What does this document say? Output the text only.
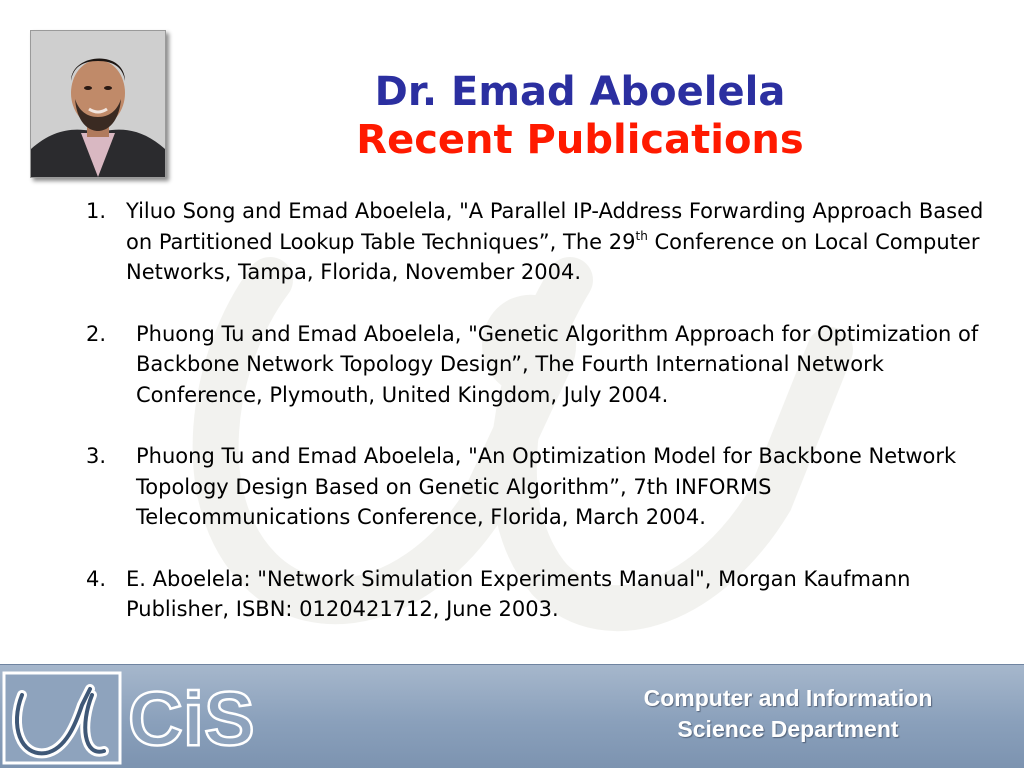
Dr. Emad Aboelela
Recent Publications
1. Yiluo Song and Emad Aboelela, "A Parallel IP-Address Forwarding Approach Based on Partitioned Lookup Table Techniques”, The 29th Conference on Local Computer Networks, Tampa, Florida, November 2004.
2. Phuong Tu and Emad Aboelela, "Genetic Algorithm Approach for Optimization of Backbone Network Topology Design”, The Fourth International Network Conference, Plymouth, United Kingdom, July 2004.
3. Phuong Tu and Emad Aboelela, "An Optimization Model for Backbone Network Topology Design Based on Genetic Algorithm”, 7th INFORMS Telecommunications Conference, Florida, March 2004.
4. E. Aboelela: "Network Simulation Experiments Manual", Morgan Kaufmann Publisher, ISBN: 0120421712, June 2003.
CiS	Computer and Information
Science Department
